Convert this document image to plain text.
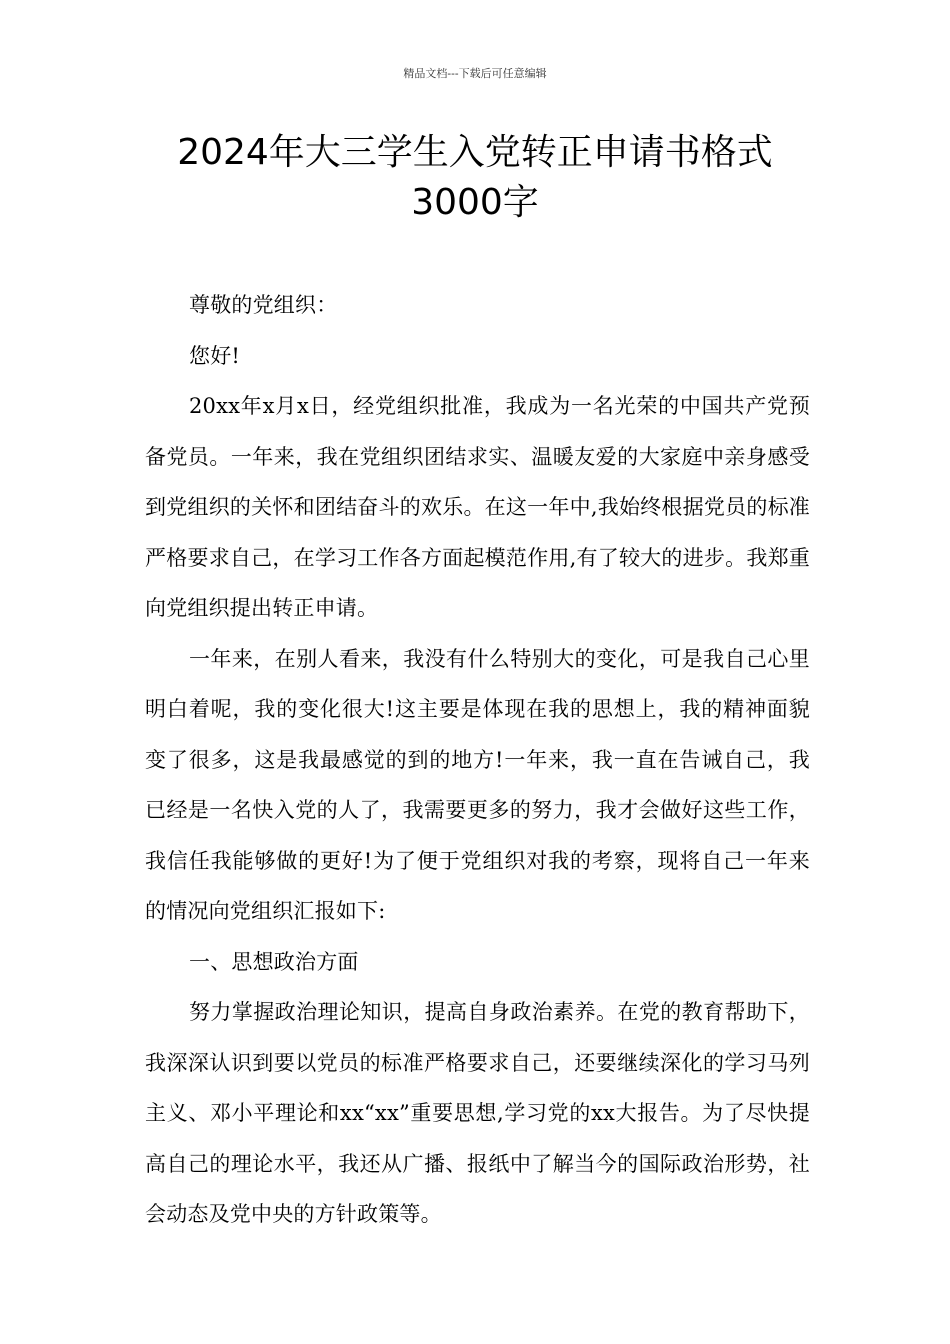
精品文档---下载后可任意编辑
2024年大三学生入党转正申请书格式
3000字

尊敬的党组织：

您好!

20xx年x月x日，经党组织批准，我成为一名光荣的中国共产党预备党员。一年来，我在党组织团结求实、温暖友爱的大家庭中亲身感受到党组织的关怀和团结奋斗的欢乐。在这一年中,我始终根据党员的标准严格要求自己，在学习工作各方面起模范作用,有了较大的进步。我郑重向党组织提出转正申请。

一年来，在别人看来，我没有什么特别大的变化，可是我自己心里明白着呢，我的变化很大!这主要是体现在我的思想上，我的精神面貌变了很多，这是我最感觉的到的地方!一年来，我一直在告诫自己，我已经是一名快入党的人了，我需要更多的努力，我才会做好这些工作，我信任我能够做的更好!为了便于党组织对我的考察，现将自己一年来的情况向党组织汇报如下:

一、思想政治方面

努力掌握政治理论知识，提高自身政治素养。在党的教育帮助下，我深深认识到要以党员的标准严格要求自己，还要继续深化的学习马列主义、邓小平理论和xx“xx”重要思想,学习党的xx大报告。为了尽快提高自己的理论水平，我还从广播、报纸中了解当今的国际政治形势，社会动态及党中央的方针政策等。
